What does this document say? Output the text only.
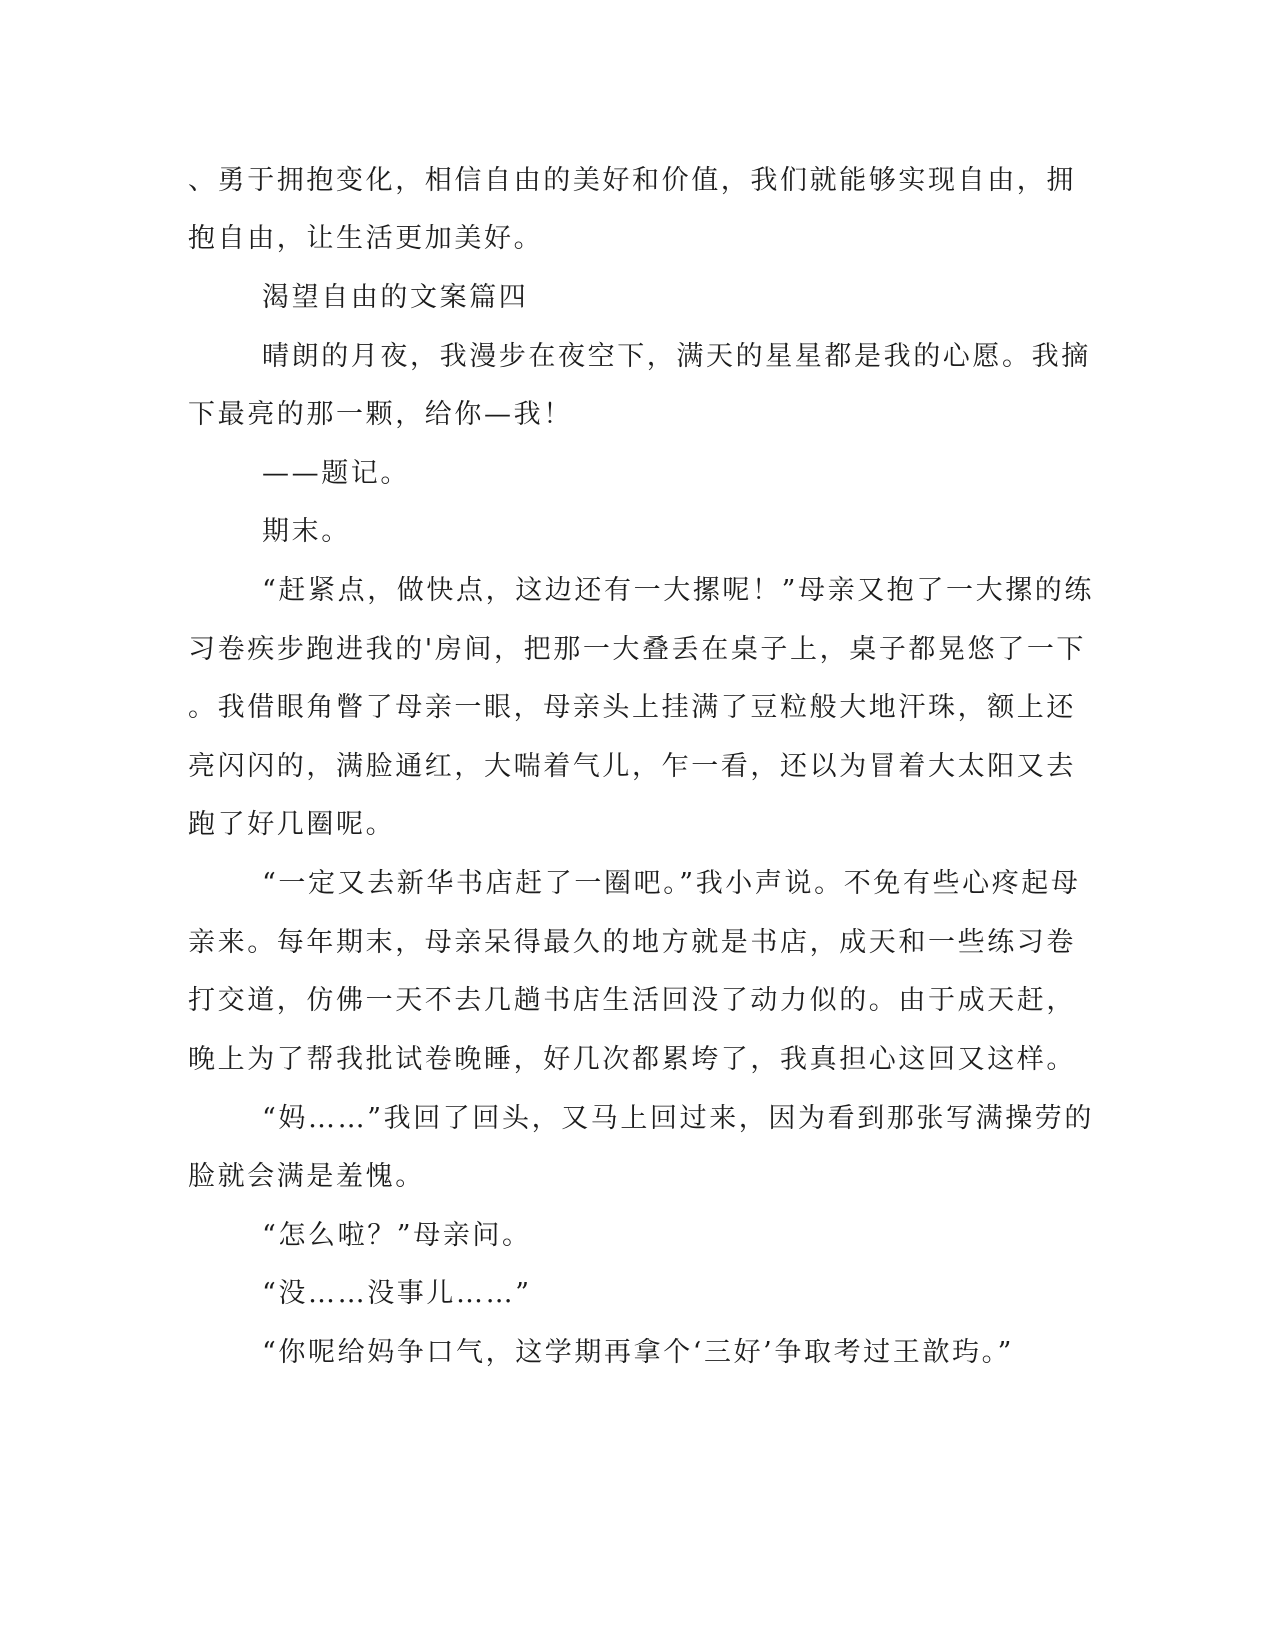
、勇于拥抱变化，相信自由的美好和价值，我们就能够实现自由，拥
抱自由，让生活更加美好。
渴望自由的文案篇四
晴朗的月夜，我漫步在夜空下，满天的星星都是我的心愿。我摘
下最亮的那一颗，给你—我！
——题记。
期末。
“赶紧点，做快点，这边还有一大摞呢！”母亲又抱了一大摞的练
习卷疾步跑进我的'房间，把那一大叠丢在桌子上，桌子都晃悠了一下
。我借眼角瞥了母亲一眼，母亲头上挂满了豆粒般大地汗珠，额上还
亮闪闪的，满脸通红，大喘着气儿，乍一看，还以为冒着大太阳又去
跑了好几圈呢。
“一定又去新华书店赶了一圈吧。”我小声说。不免有些心疼起母
亲来。每年期末，母亲呆得最久的地方就是书店，成天和一些练习卷
打交道，仿佛一天不去几趟书店生活回没了动力似的。由于成天赶，
晚上为了帮我批试卷晚睡，好几次都累垮了，我真担心这回又这样。
“妈……”我回了回头，又马上回过来，因为看到那张写满操劳的
脸就会满是羞愧。
“怎么啦？”母亲问。
“没……没事儿……”
“你呢给妈争口气，这学期再拿个‘三好’争取考过王歆玙。”
